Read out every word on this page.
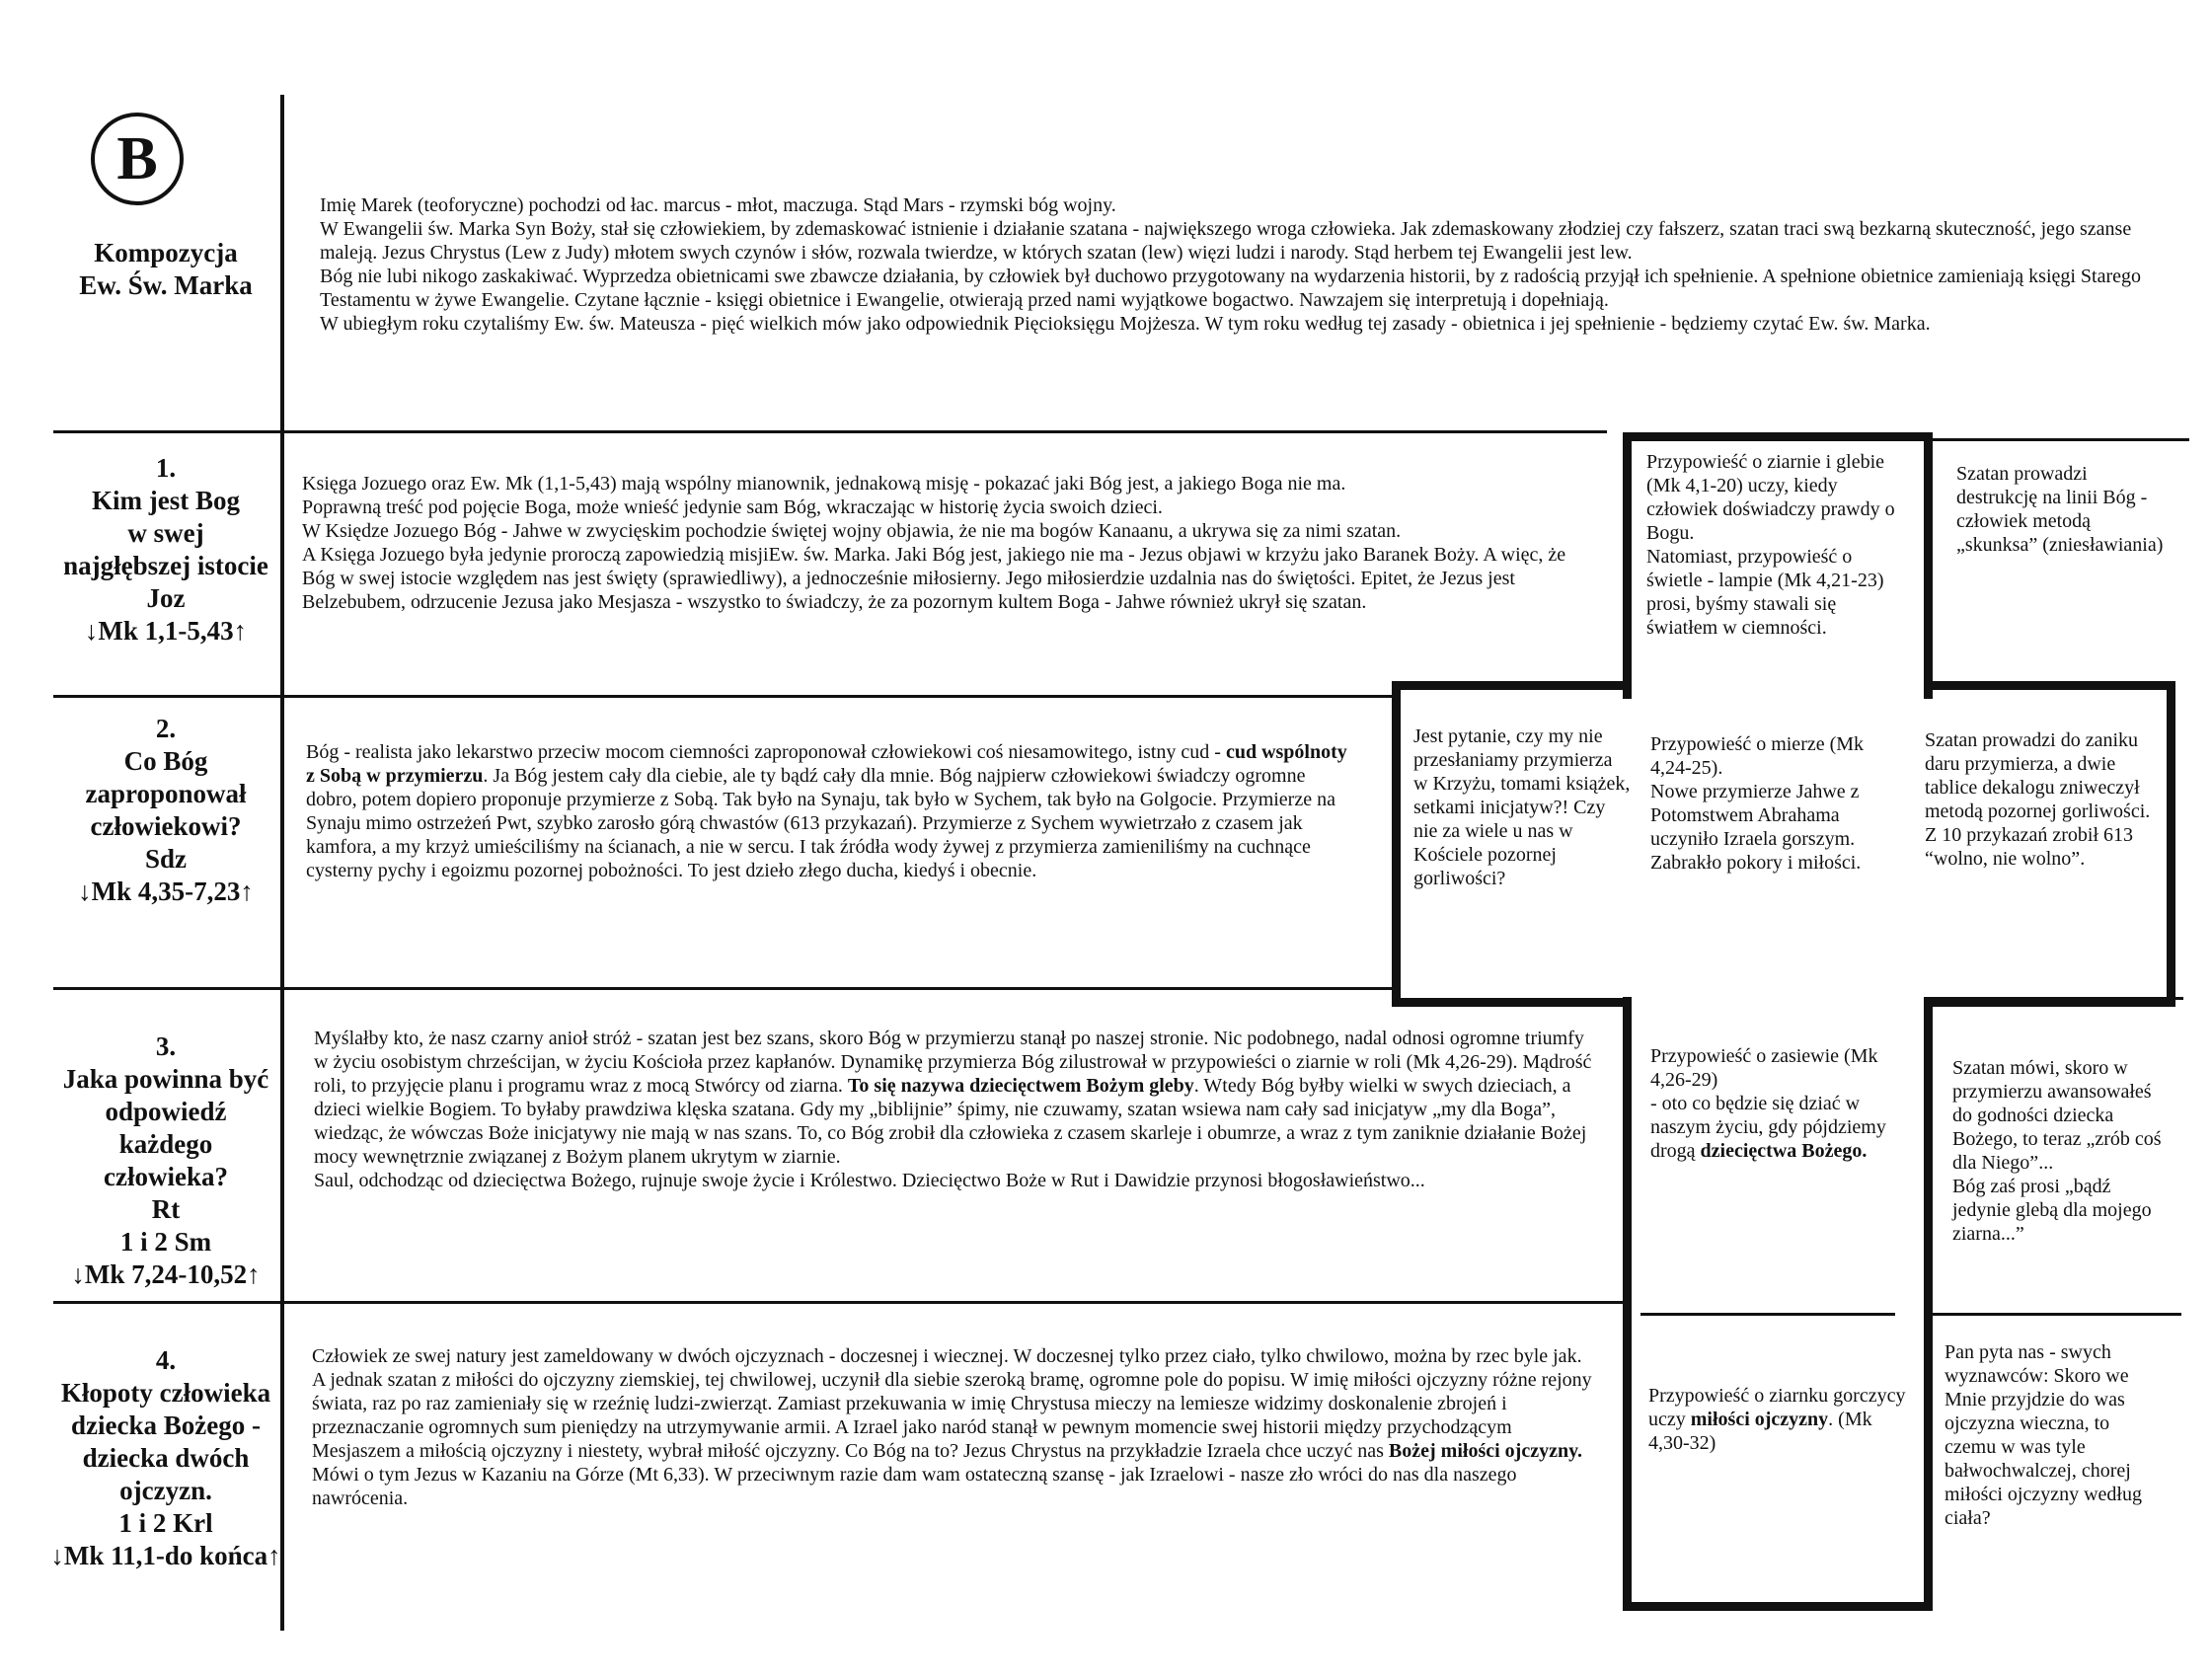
B
Kompozycja
Ew. Św. Marka

Imię Marek (teoforyczne) pochodzi od łac. marcus - młot, maczuga. Stąd Mars - rzymski bóg wojny.

W Ewangelii św. Marka Syn Boży, stał się człowiekiem, by zdemaskować istnienie i działanie szatana - największego wroga człowieka. Jak zdemaskowany złodziej czy fałszerz, szatan traci swą bezkarną skuteczność, jego szanse maleją. Jezus Chrystus (Lew z Judy) młotem swych czynów i słów, rozwala twierdze, w których szatan (lew) więzi ludzi i narody. Stąd herbem tej Ewangelii jest lew.

Bóg nie lubi nikogo zaskakiwać. Wyprzedza obietnicami swe zbawcze działania, by człowiek był duchowo przygotowany na wydarzenia historii, by z radością przyjął ich spełnienie. A spełnione obietnice zamieniają księgi Starego Testamentu w żywe Ewangelie. Czytane łącznie - księgi obietnice i Ewangelie, otwierają przed nami wyjątkowe bogactwo. Nawzajem się interpretują i dopełniają.

W ubiegłym roku czytaliśmy Ew. św. Mateusza - pięć wielkich mów jako odpowiednik Pięcioksięgu Mojżesza. W tym roku według tej zasady - obietnica i jej spełnienie - będziemy czytać Ew. św. Marka.

1.
Kim jest Bog
w swej
najgłębszej istocie
Joz
↓Mk 1,1-5,43↑

Księga Jozuego oraz Ew. Mk (1,1-5,43) mają wspólny mianownik, jednakową misję - pokazać jaki Bóg jest, a jakiego Boga nie ma.

Poprawną treść pod pojęcie Boga, może wnieść jedynie sam Bóg, wkraczając w historię życia swoich dzieci.

W Księdze Jozuego Bóg - Jahwe w zwycięskim pochodzie świętej wojny objawia, że nie ma bogów Kanaanu, a ukrywa się za nimi szatan.

A Księga Jozuego była jedynie proroczą zapowiedzią misjiEw. św. Marka. Jaki Bóg jest, jakiego nie ma - Jezus objawi w krzyżu jako Baranek Boży. A więc, że Bóg w swej istocie względem nas jest święty (sprawiedliwy), a jednocześnie miłosierny. Jego miłosierdzie uzdalnia nas do świętości. Epitet, że Jezus jest Belzebubem, odrzucenie Jezusa jako Mesjasza - wszystko to świadczy, że za pozornym kultem Boga - Jahwe również ukrył się szatan.

Przypowieść o ziarnie i glebie (Mk 4,1-20) uczy, kiedy człowiek doświadczy prawdy o Bogu.
Natomiast, przypowieść o świetle - lampie (Mk 4,21-23) prosi, byśmy stawali się światłem w ciemności.
Szatan prowadzi destrukcję na linii Bóg - człowiek metodą „skunksa” (zniesławiania)
2.
Co Bóg
zaproponował
człowiekowi?
Sdz
↓Mk 4,35-7,23↑

Bóg - realista jako lekarstwo przeciw mocom ciemności zaproponował człowiekowi coś niesamowitego, istny cud - cud wspólnoty z Sobą w przymierzu. Ja Bóg jestem cały dla ciebie, ale ty bądź cały dla mnie. Bóg najpierw człowiekowi świadczy ogromne dobro, potem dopiero proponuje przymierze z Sobą. Tak było na Synaju, tak było w Sychem, tak było na Golgocie. Przymierze na Synaju mimo ostrzeżeń Pwt, szybko zarosło górą chwastów (613 przykazań). Przymierze z Sychem wywietrzało z czasem jak kamfora, a my krzyż umieściliśmy na ścianach, a nie w sercu. I tak źródła wody żywej z przymierza zamieniliśmy na cuchnące cysterny pychy i egoizmu pozornej pobożności. To jest dzieło złego ducha, kiedyś i obecnie.

Jest pytanie, czy my nie przesłaniamy przymierza w Krzyżu, tomami książek, setkami inicjatyw?! Czy nie za wiele u nas w Kościele pozornej gorliwości?
Przypowieść o mierze (Mk 4,24-25).
Nowe przymierze Jahwe z Potomstwem Abrahama uczyniło Izraela gorszym. Zabrakło pokory i miłości.
Szatan prowadzi do zaniku daru przymierza, a dwie tablice dekalogu zniweczył metodą pozornej gorliwości. Z 10 przykazań zrobił 613 “wolno, nie wolno”.
3.
Jaka powinna być
odpowiedź
każdego
człowieka?
Rt
1 i 2 Sm
↓Mk 7,24-10,52↑

Myślałby kto, że nasz czarny anioł stróż - szatan jest bez szans, skoro Bóg w przymierzu stanął po naszej stronie. Nic podobnego, nadal odnosi ogromne triumfy w życiu osobistym chrześcijan, w życiu Kościoła przez kapłanów. Dynamikę przymierza Bóg zilustrował w przypowieści o ziarnie w roli (Mk 4,26-29). Mądrość roli, to przyjęcie planu i programu wraz z mocą Stwórcy od ziarna. To się nazywa dziecięctwem Bożym gleby. Wtedy Bóg byłby wielki w swych dzieciach, a dzieci wielkie Bogiem. To byłaby prawdziwa klęska szatana. Gdy my „biblijnie” śpimy, nie czuwamy, szatan wsiewa nam cały sad inicjatyw „my dla Boga”, wiedząc, że wówczas Boże inicjatywy nie mają w nas szans. To, co Bóg zrobił dla człowieka z czasem skarleje i obumrze, a wraz z tym zaniknie działanie Bożej mocy wewnętrznie związanej z Bożym planem ukrytym w ziarnie.

Saul, odchodząc od dziecięctwa Bożego, rujnuje swoje życie i Królestwo. Dziecięctwo Boże w Rut i Dawidzie przynosi błogosławieństwo...

Przypowieść o zasiewie (Mk 4,26-29)
- oto co będzie się dziać w naszym życiu, gdy pójdziemy drogą dziecięctwa Bożego.
Szatan mówi, skoro w przymierzu awansowałeś do godności dziecka Bożego, to teraz „zrób coś dla Niego”...
Bóg zaś prosi „bądź jedynie glebą dla mojego ziarna...”
4.
Kłopoty człowieka
dziecka Bożego -
dziecka dwóch
ojczyzn.
1 i 2 Krl
↓Mk 11,1-do końca↑

Człowiek ze swej natury jest zameldowany w dwóch ojczyznach - doczesnej i wiecznej. W doczesnej tylko przez ciało, tylko chwilowo, można by rzec byle jak. A jednak szatan z miłości do ojczyzny ziemskiej, tej chwilowej, uczynił dla siebie szeroką bramę, ogromne pole do popisu. W imię miłości ojczyzny różne rejony świata, raz po raz zamieniały się w rzeźnię ludzi-zwierząt. Zamiast przekuwania w imię Chrystusa mieczy na lemiesze widzimy doskonalenie zbrojeń i przeznaczanie ogromnych sum pieniędzy na utrzymywanie armii. A Izrael jako naród stanął w pewnym momencie swej historii między przychodzącym Mesjaszem a miłością ojczyzny i niestety, wybrał miłość ojczyzny. Co Bóg na to? Jezus Chrystus na przykładzie Izraela chce uczyć nas Bożej miłości ojczyzny. Mówi o tym Jezus w Kazaniu na Górze (Mt 6,33). W przeciwnym razie dam wam ostateczną szansę - jak Izraelowi - nasze zło wróci do nas dla naszego nawrócenia.

Przypowieść o ziarnku gorczycy uczy miłości ojczyzny. (Mk 4,30-32)
Pan pyta nas - swych wyznawców: Skoro we Mnie przyjdzie do was ojczyzna wieczna, to czemu w was tyle bałwochwalczej, chorej miłości ojczyzny według ciała?
